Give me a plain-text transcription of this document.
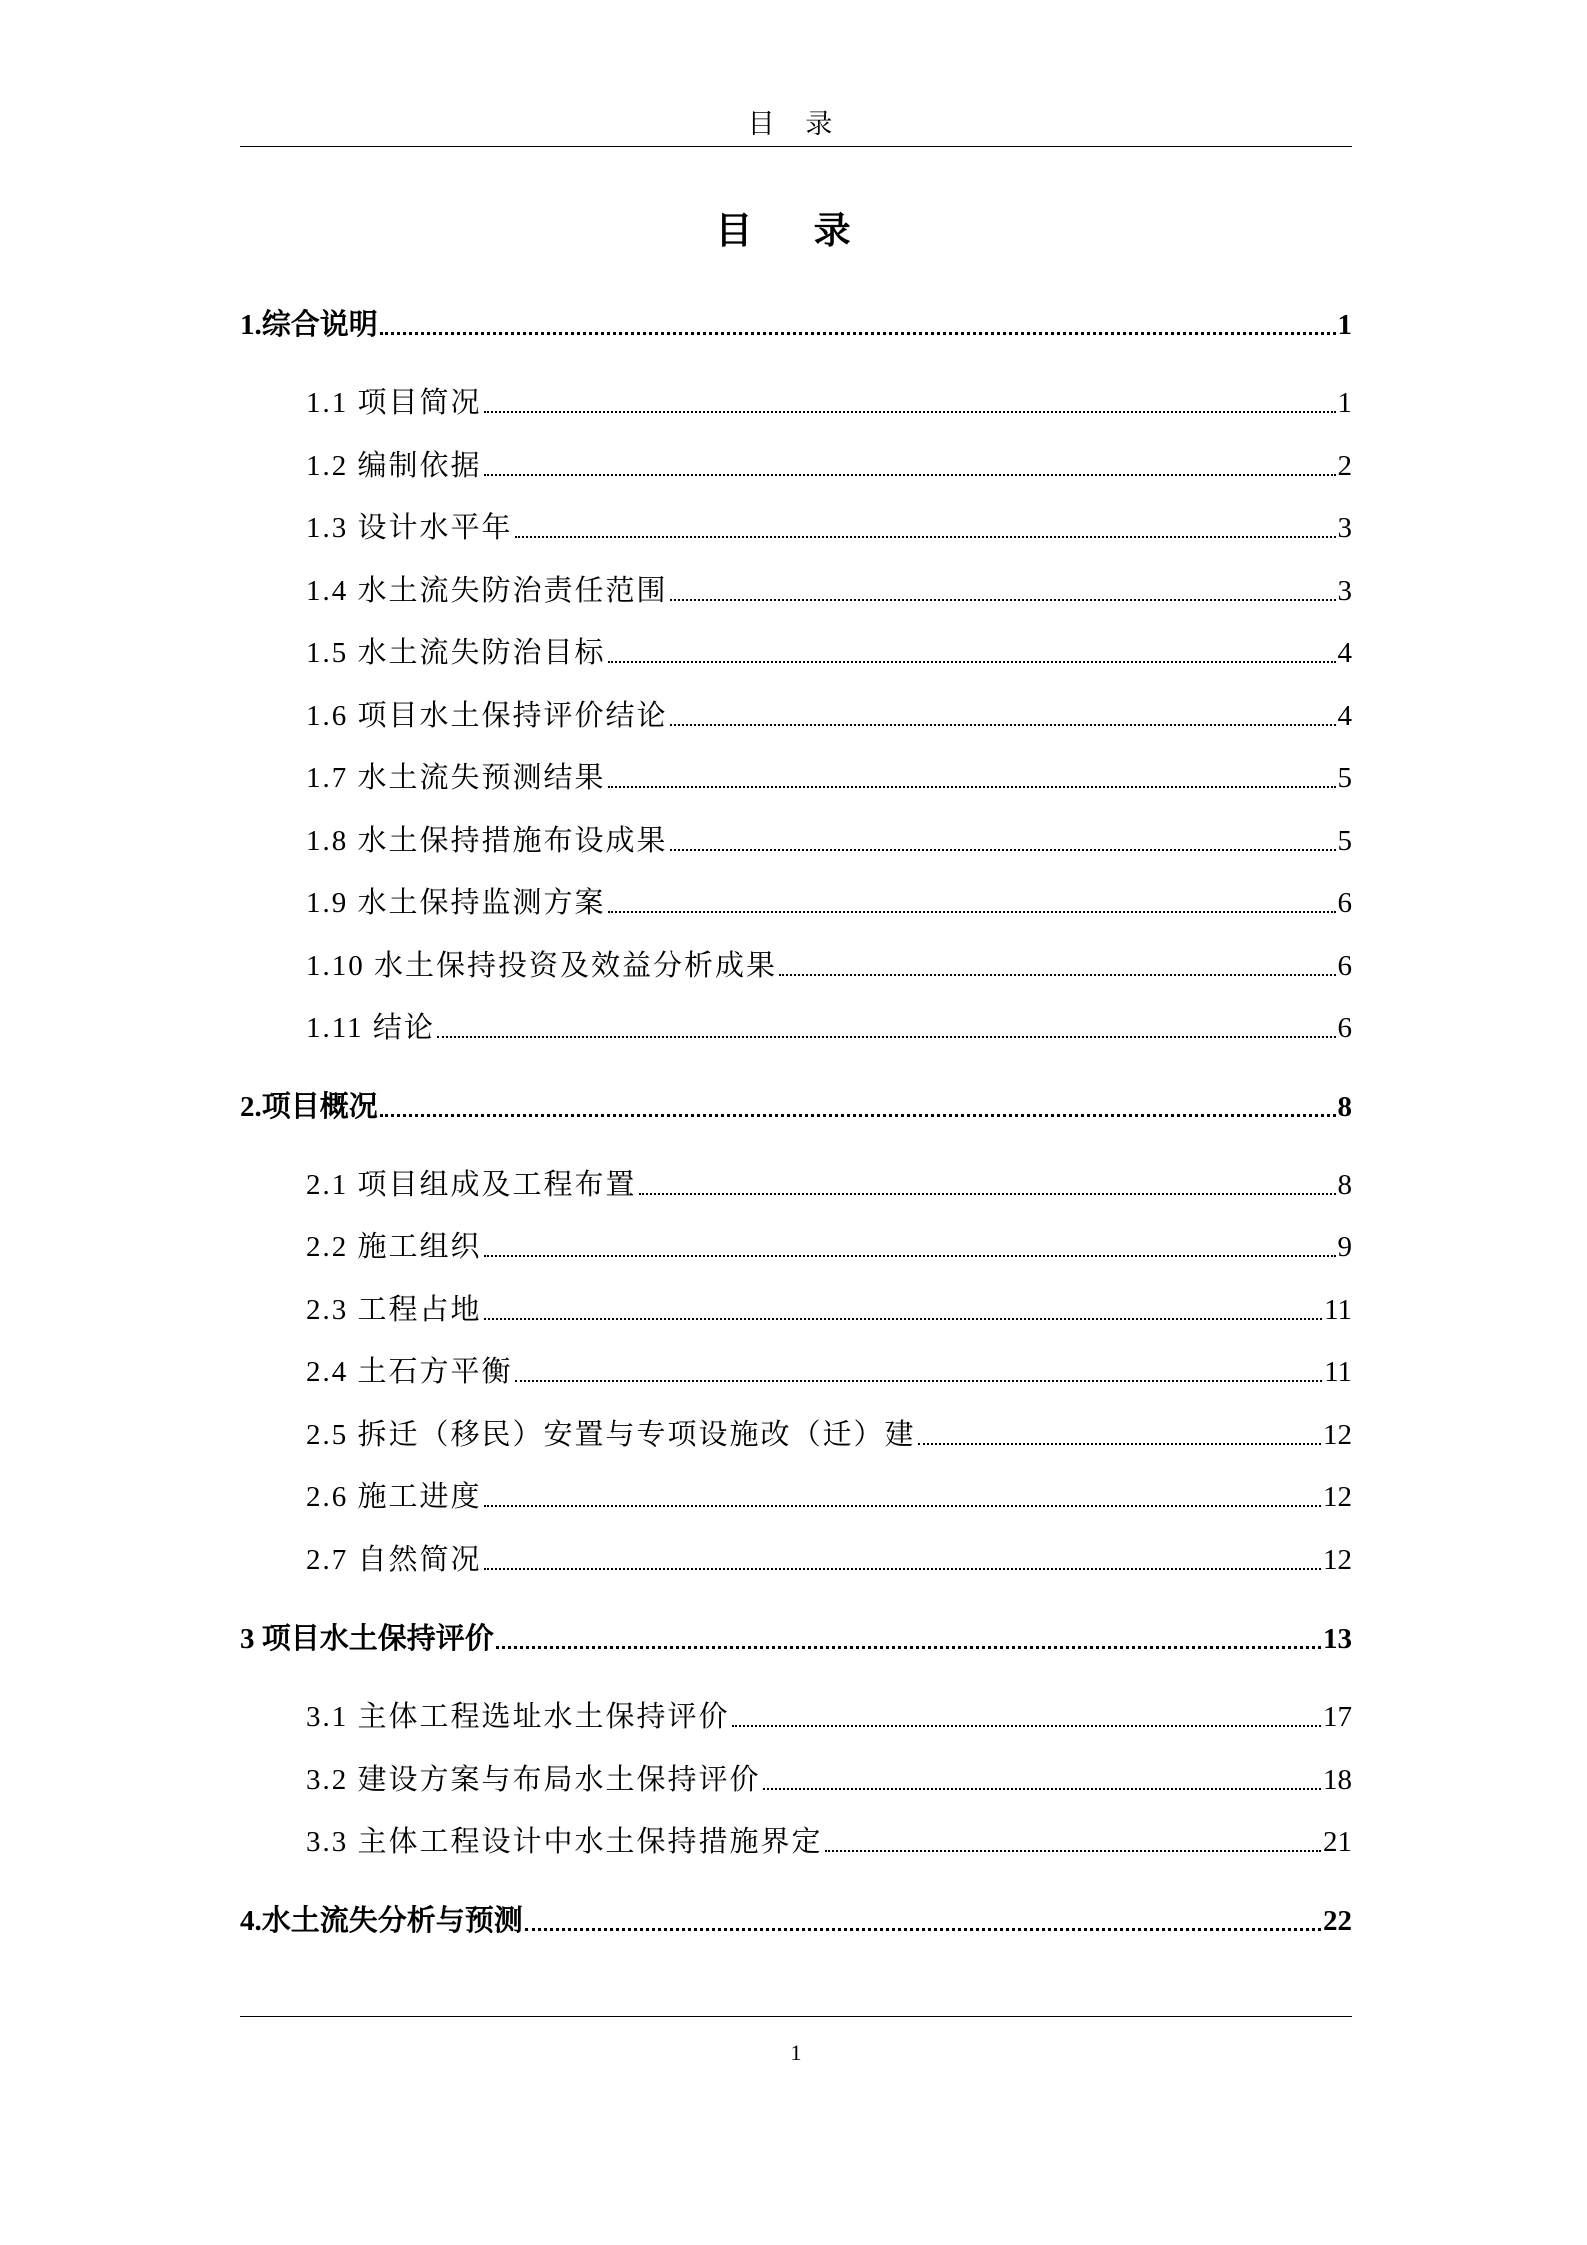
目 录
目 录
1.综合说明	1
1.1 项目简况	1
1.2 编制依据	2
1.3 设计水平年	3
1.4 水土流失防治责任范围	3
1.5 水土流失防治目标	4
1.6 项目水土保持评价结论	4
1.7 水土流失预测结果	5
1.8 水土保持措施布设成果	5
1.9 水土保持监测方案	6
1.10 水土保持投资及效益分析成果	6
1.11 结论	6
2.项目概况	8
2.1 项目组成及工程布置	8
2.2 施工组织	9
2.3 工程占地	11
2.4 土石方平衡	11
2.5 拆迁（移民）安置与专项设施改（迁）建	12
2.6 施工进度	12
2.7 自然简况	12
3 项目水土保持评价	13
3.1 主体工程选址水土保持评价	17
3.2 建设方案与布局水土保持评价	18
3.3 主体工程设计中水土保持措施界定	21
4.水土流失分析与预测	22
1
